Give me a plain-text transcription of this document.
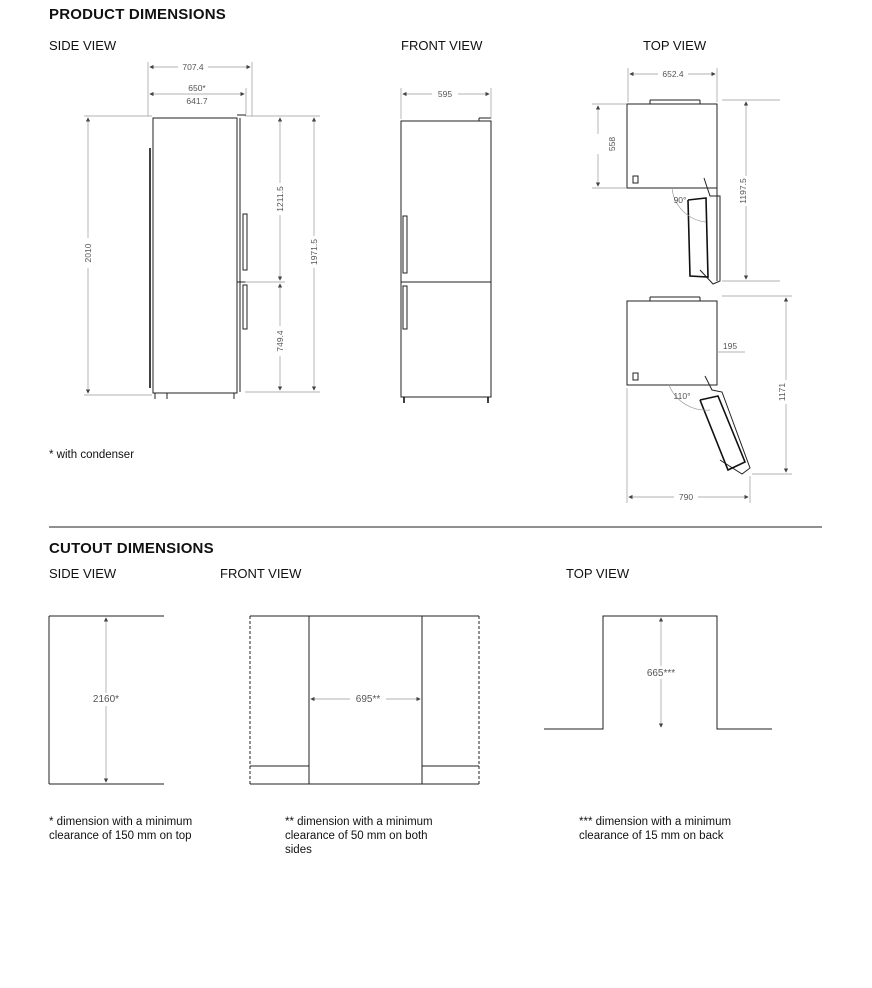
PRODUCT DIMENSIONS
SIDE VIEW	FRONT VIEW	TOP VIEW
* with condenser
CUTOUT DIMENSIONS
SIDE VIEW	FRONT VIEW	TOP VIEW
* dimension with a minimum clearance of 150 mm on top
** dimension with a minimum clearance of 50 mm on both sides
*** dimension with a minimum clearance of 15 mm on back
707.4
650*
641.7
2010
1211.5
749.4
1971.5
595
652.4
558
90°	1197.5
110°
195
1171
790
2160*	695**
665***
